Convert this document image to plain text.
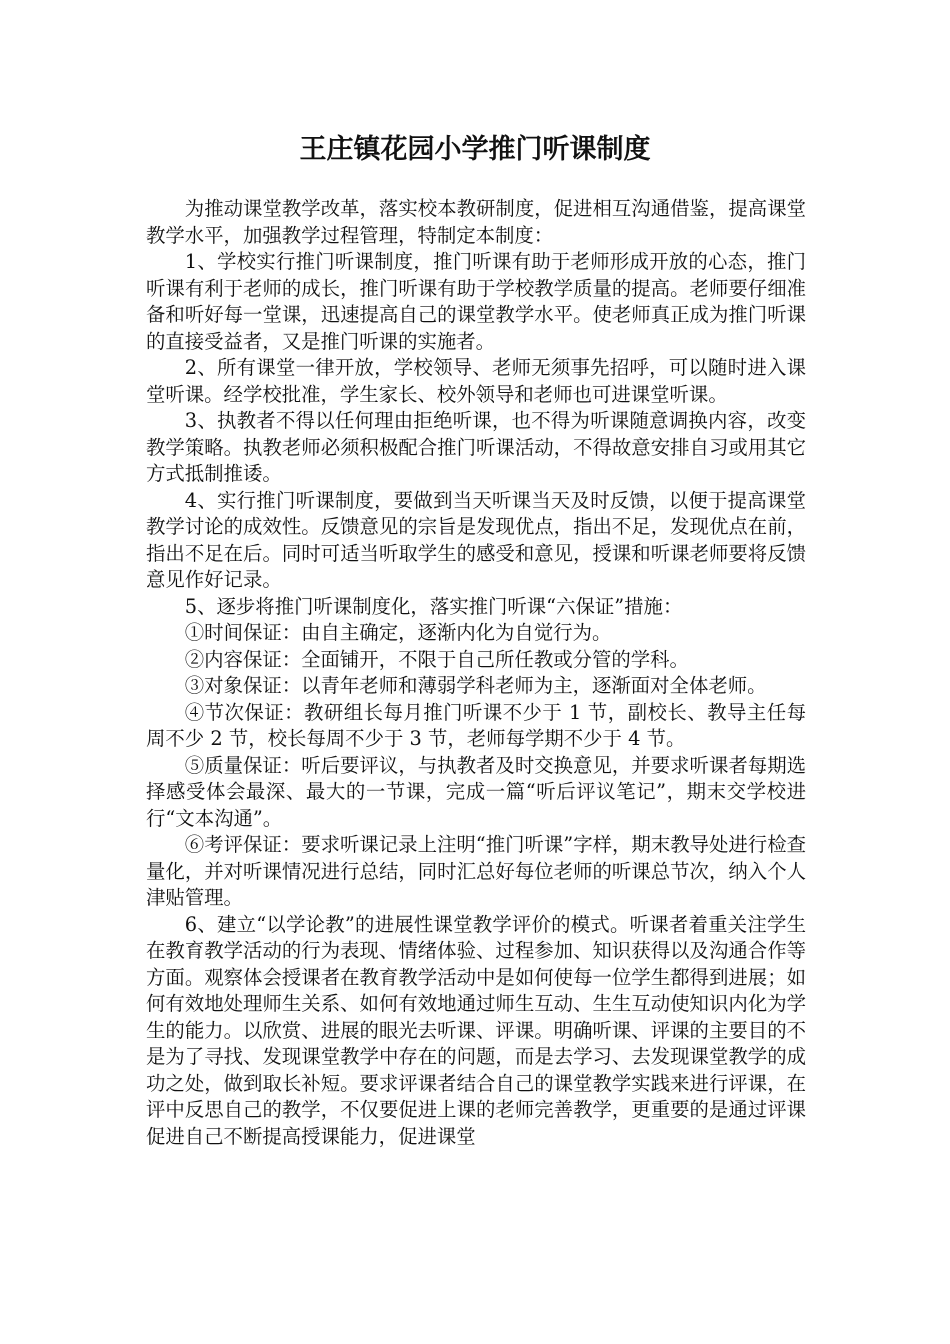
王庄镇花园小学推门听课制度

为推动课堂教学改革，落实校本教研制度，促进相互沟通借鉴，提高课堂教学水平，加强教学过程管理，特制定本制度：

1、学校实行推门听课制度，推门听课有助于老师形成开放的心态，推门听课有利于老师的成长，推门听课有助于学校教学质量的提高。老师要仔细准备和听好每一堂课，迅速提高自己的课堂教学水平。使老师真正成为推门听课的直接受益者，又是推门听课的实施者。

2、所有课堂一律开放，学校领导、老师无须事先招呼，可以随时进入课堂听课。经学校批准，学生家长、校外领导和老师也可进课堂听课。

3、执教者不得以任何理由拒绝听课，也不得为听课随意调换内容，改变教学策略。执教老师必须积极配合推门听课活动，不得故意安排自习或用其它方式抵制推诿。

4、实行推门听课制度，要做到当天听课当天及时反馈，以便于提高课堂教学讨论的成效性。反馈意见的宗旨是发现优点，指出不足，发现优点在前，指出不足在后。同时可适当听取学生的感受和意见，授课和听课老师要将反馈意见作好记录。

5、逐步将推门听课制度化，落实推门听课“六保证”措施：

①时间保证：由自主确定，逐渐内化为自觉行为。

②内容保证：全面铺开，不限于自己所任教或分管的学科。

③对象保证：以青年老师和薄弱学科老师为主，逐渐面对全体老师。

④节次保证：教研组长每月推门听课不少于 1 节，副校长、教导主任每周不少 2 节，校长每周不少于 3 节，老师每学期不少于 4 节。

⑤质量保证：听后要评议，与执教者及时交换意见，并要求听课者每期选择感受体会最深、最大的一节课，完成一篇“听后评议笔记”，期末交学校进行“文本沟通”。

⑥考评保证：要求听课记录上注明“推门听课”字样，期末教导处进行检查量化，并对听课情况进行总结，同时汇总好每位老师的听课总节次，纳入个人津贴管理。

6、建立“以学论教”的进展性课堂教学评价的模式。听课者着重关注学生在教育教学活动的行为表现、情绪体验、过程参加、知识获得以及沟通合作等方面。观察体会授课者在教育教学活动中是如何使每一位学生都得到进展；如何有效地处理师生关系、如何有效地通过师生互动、生生互动使知识内化为学生的能力。以欣赏、进展的眼光去听课、评课。明确听课、评课的主要目的不是为了寻找、发现课堂教学中存在的问题，而是去学习、去发现课堂教学的成功之处，做到取长补短。要求评课者结合自己的课堂教学实践来进行评课，在评中反思自己的教学，不仅要促进上课的老师完善教学，更重要的是通过评课促进自己不断提高授课能力，促进课堂
